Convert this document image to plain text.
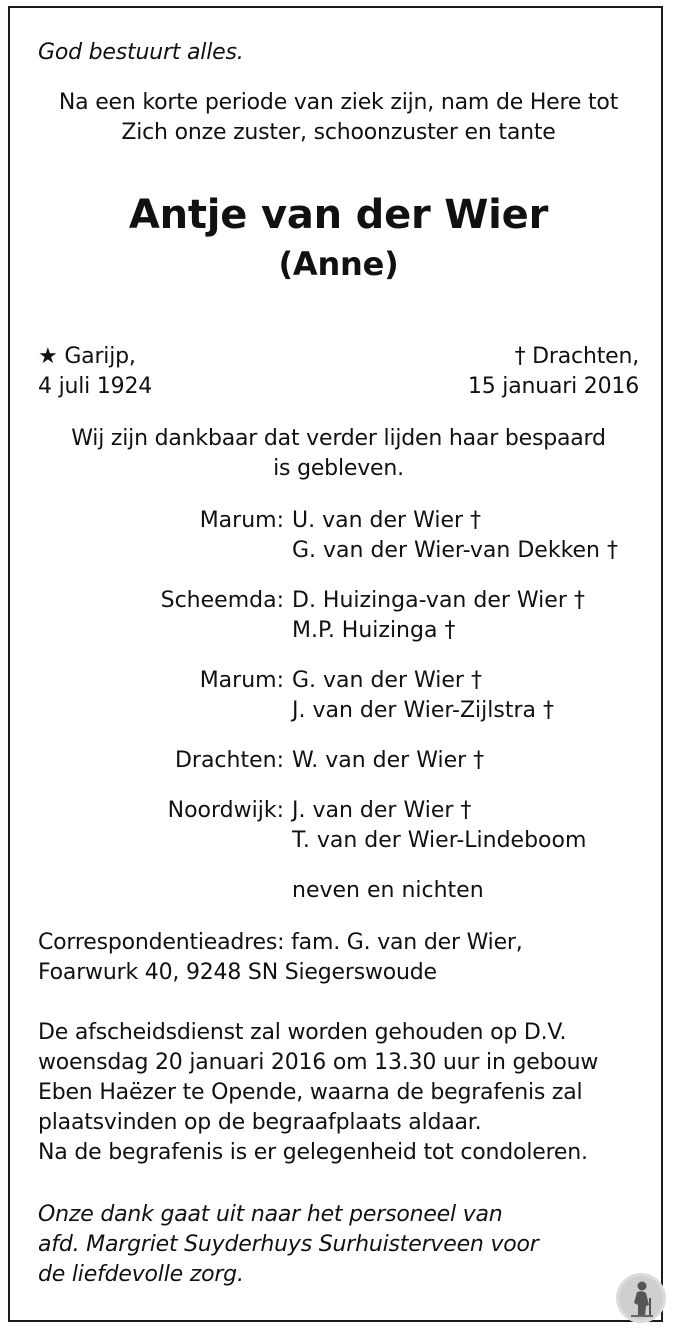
God bestuurt alles.
Na een korte periode van ziek zijn, nam de Here tot
Zich onze zuster, schoonzuster en tante
Antje van der Wier
(Anne)
★ Garijp,
4 juli 1924
† Drachten,
15 januari 2016
Wij zijn dankbaar dat verder lijden haar bespaard
is gebleven.
Marum: U. van der Wier †
G. van der Wier-van Dekken †
Scheemda: D. Huizinga-van der Wier †
M.P. Huizinga †
Marum: G. van der Wier †
J. van der Wier-Zijlstra †
Drachten: W. van der Wier †
Noordwijk: J. van der Wier †
T. van der Wier-Lindeboom
neven en nichten
Correspondentieadres: fam. G. van der Wier,
Foarwurk 40, 9248 SN Siegerswoude
De afscheidsdienst zal worden gehouden op D.V.
woensdag 20 januari 2016 om 13.30 uur in gebouw
Eben Haëzer te Opende, waarna de begrafenis zal
plaatsvinden op de begraafplaats aldaar.
Na de begrafenis is er gelegenheid tot condoleren.
Onze dank gaat uit naar het personeel van
afd. Margriet Suyderhuys Surhuisterveen voor
de liefdevolle zorg.
